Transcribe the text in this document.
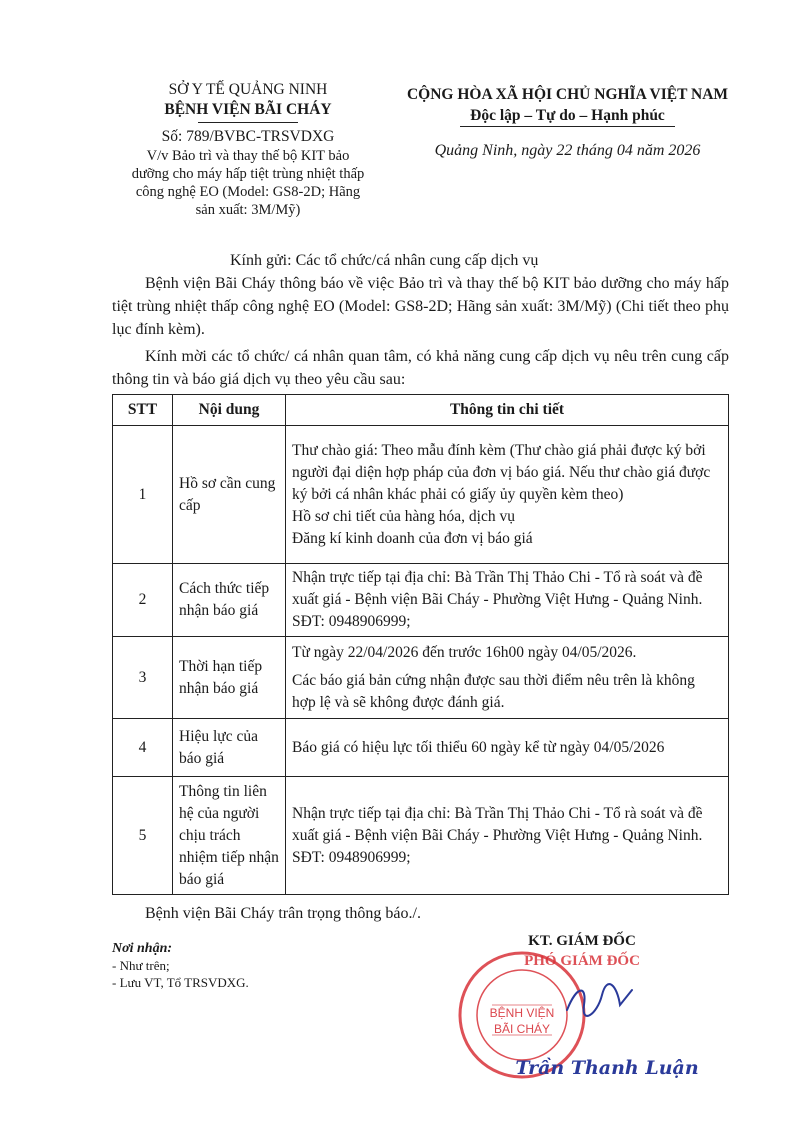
SỞ Y TẾ QUẢNG NINH
BỆNH VIỆN BÃI CHÁY
Số: 789/BVBC-TRSVDXG
V/v Bảo trì và thay thế bộ KIT bảo dưỡng cho máy hấp tiệt trùng nhiệt thấp công nghệ EO (Model: GS8-2D; Hãng sản xuất: 3M/Mỹ)
CỘNG HÒA XÃ HỘI CHỦ NGHĨA VIỆT NAM
Độc lập – Tự do – Hạnh phúc
Quảng Ninh, ngày 22 tháng 04 năm 2026
Kính gửi: Các tổ chức/cá nhân cung cấp dịch vụ
Bệnh viện Bãi Cháy thông báo về việc Bảo trì và thay thế bộ KIT bảo dưỡng cho máy hấp tiệt trùng nhiệt thấp công nghệ EO (Model: GS8-2D; Hãng sản xuất: 3M/Mỹ) (Chi tiết theo phụ lục đính kèm).
Kính mời các tổ chức/ cá nhân quan tâm, có khả năng cung cấp dịch vụ nêu trên cung cấp thông tin và báo giá dịch vụ theo yêu cầu sau:
STT	Nội dung	Thông tin chi tiết
1	Hồ sơ cần cung cấp	Thư chào giá: Theo mẫu đính kèm (Thư chào giá phải được ký bởi người đại diện hợp pháp của đơn vị báo giá. Nếu thư chào giá được ký bởi cá nhân khác phải có giấy ủy quyền kèm theo)

Hồ sơ chi tiết của hàng hóa, dịch vụ

Đăng kí kinh doanh của đơn vị báo giá

2	Cách thức tiếp nhận báo giá	Nhận trực tiếp tại địa chỉ: Bà Trần Thị Thảo Chi - Tổ rà soát và đề xuất giá - Bệnh viện Bãi Cháy - Phường Việt Hưng - Quảng Ninh. SĐT: 0948906999;

3	Thời hạn tiếp nhận báo giá	Từ ngày 22/04/2026 đến trước 16h00 ngày 04/05/2026.

Các báo giá bản cứng nhận được sau thời điểm nêu trên là không hợp lệ và sẽ không được đánh giá.

4	Hiệu lực của báo giá	Báo giá có hiệu lực tối thiểu 60 ngày kể từ ngày 04/05/2026

5	Thông tin liên hệ của người chịu trách nhiệm tiếp nhận báo giá	Nhận trực tiếp tại địa chỉ: Bà Trần Thị Thảo Chi - Tổ rà soát và đề xuất giá - Bệnh viện Bãi Cháy - Phường Việt Hưng - Quảng Ninh. SĐT: 0948906999;

Bệnh viện Bãi Cháy trân trọng thông báo./.
Nơi nhận:
- Như trên;
- Lưu VT, Tổ TRSVDXG.
KT. GIÁM ĐỐC
PHÓ GIÁM ĐỐC
BỆNH VIỆN
BÃI CHÁY
Trần Thanh Luận
